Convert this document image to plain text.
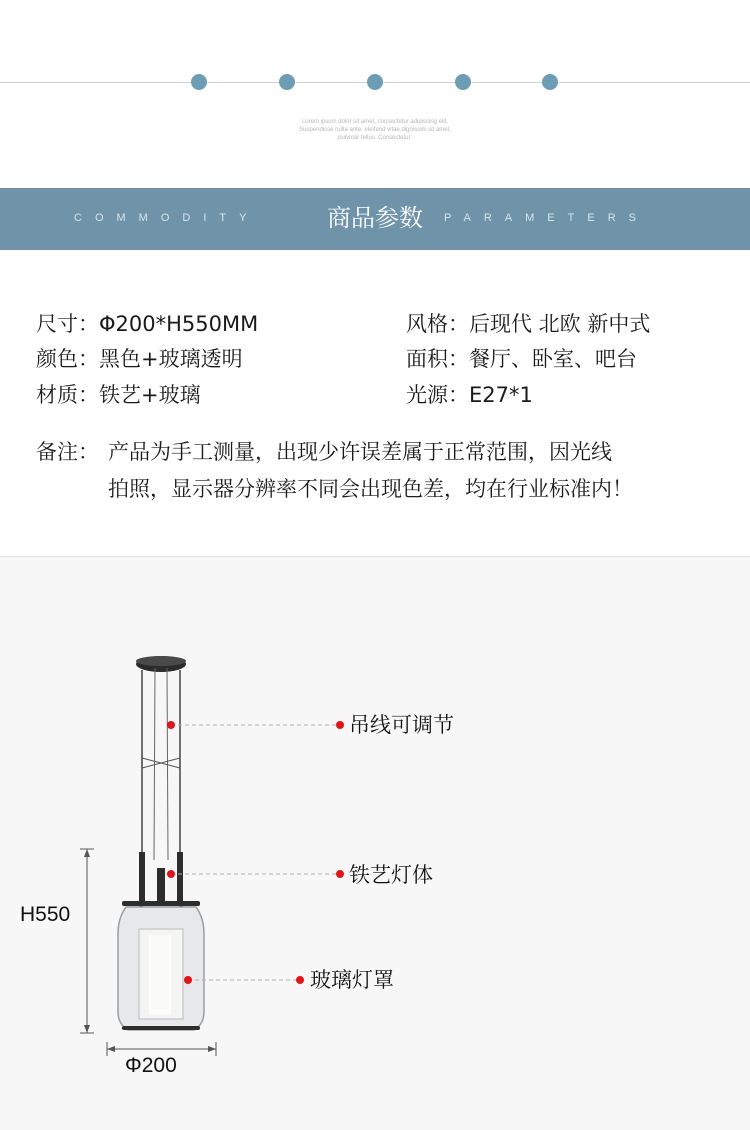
Lorem ipsum dolor sit amet, consectetur adipiscing elit.
Suspendisse nulla ante, eleifend vitae dignissim sit amet,
pulvinar tellus. Consectetur.
COMMODITY	商品参数	PARAMETERS
尺寸：Φ200*H550MM
颜色：黑色+玻璃透明
材质：铁艺+玻璃
风格：后现代 北欧 新中式
面积：餐厅、卧室、吧台
光源：E27*1
备注： 产品为手工测量，出现少许误差属于正常范围，因光线
拍照，显示器分辨率不同会出现色差，均在行业标准内！
吊线可调节
铁艺灯体
玻璃灯罩
H550
Φ200
